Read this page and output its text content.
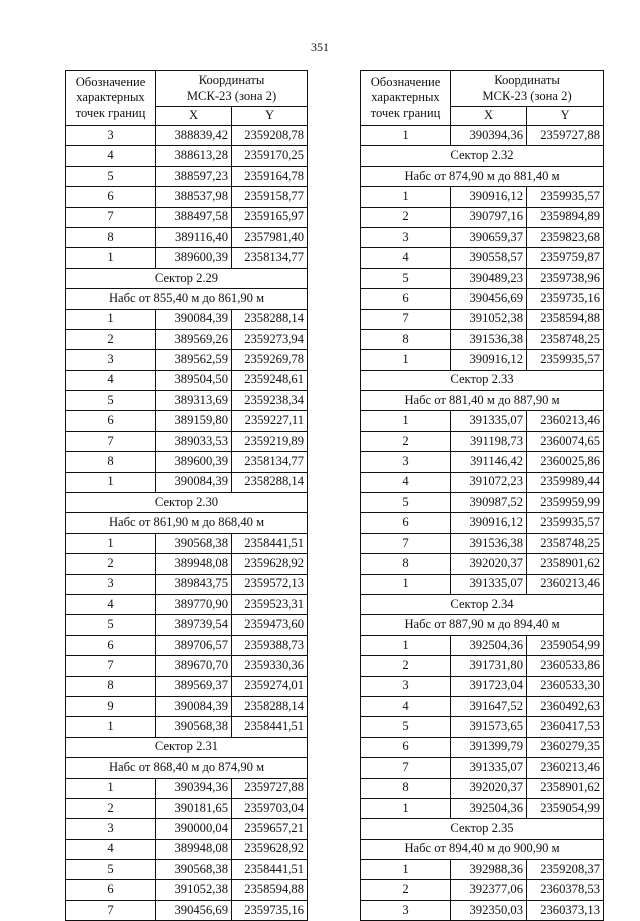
351
Обозначение
характерных
точек границ	Координаты
МСК-23 (зона 2)	
	X	Y
3	388839,42	2359208,78
4	388613,28	2359170,25
5	388597,23	2359164,78
6	388537,98	2359158,77
7	388497,58	2359165,97
8	389116,40	2357981,40
1	389600,39	2358134,77
Сектор 2.29		
Набс от 855,40 м до 861,90 м		
1	390084,39	2358288,14
2	389569,26	2359273,94
3	389562,59	2359269,78
4	389504,50	2359248,61
5	389313,69	2359238,34
6	389159,80	2359227,11
7	389033,53	2359219,89
8	389600,39	2358134,77
1	390084,39	2358288,14
Сектор 2.30		
Набс от 861,90 м до 868,40 м		
1	390568,38	2358441,51
2	389948,08	2359628,92
3	389843,75	2359572,13
4	389770,90	2359523,31
5	389739,54	2359473,60
6	389706,57	2359388,73
7	389670,70	2359330,36
8	389569,37	2359274,01
9	390084,39	2358288,14
1	390568,38	2358441,51
Сектор 2.31		
Набс от 868,40 м до 874,90 м		
1	390394,36	2359727,88
2	390181,65	2359703,04
3	390000,04	2359657,21
4	389948,08	2359628,92
5	390568,38	2358441,51
6	391052,38	2358594,88
7	390456,69	2359735,16
Обозначение
характерных
точек границ	Координаты
МСК-23 (зона 2)	
	X	Y
1	390394,36	2359727,88
Сектор 2.32		
Набс от 874,90 м до 881,40 м		
1	390916,12	2359935,57
2	390797,16	2359894,89
3	390659,37	2359823,68
4	390558,57	2359759,87
5	390489,23	2359738,96
6	390456,69	2359735,16
7	391052,38	2358594,88
8	391536,38	2358748,25
1	390916,12	2359935,57
Сектор 2.33		
Набс от 881,40 м до 887,90 м		
1	391335,07	2360213,46
2	391198,73	2360074,65
3	391146,42	2360025,86
4	391072,23	2359989,44
5	390987,52	2359959,99
6	390916,12	2359935,57
7	391536,38	2358748,25
8	392020,37	2358901,62
1	391335,07	2360213,46
Сектор 2.34		
Набс от 887,90 м до 894,40 м		
1	392504,36	2359054,99
2	391731,80	2360533,86
3	391723,04	2360533,30
4	391647,52	2360492,63
5	391573,65	2360417,53
6	391399,79	2360279,35
7	391335,07	2360213,46
8	392020,37	2358901,62
1	392504,36	2359054,99
Сектор 2.35		
Набс от 894,40 м до 900,90 м		
1	392988,36	2359208,37
2	392377,06	2360378,53
3	392350,03	2360373,13
